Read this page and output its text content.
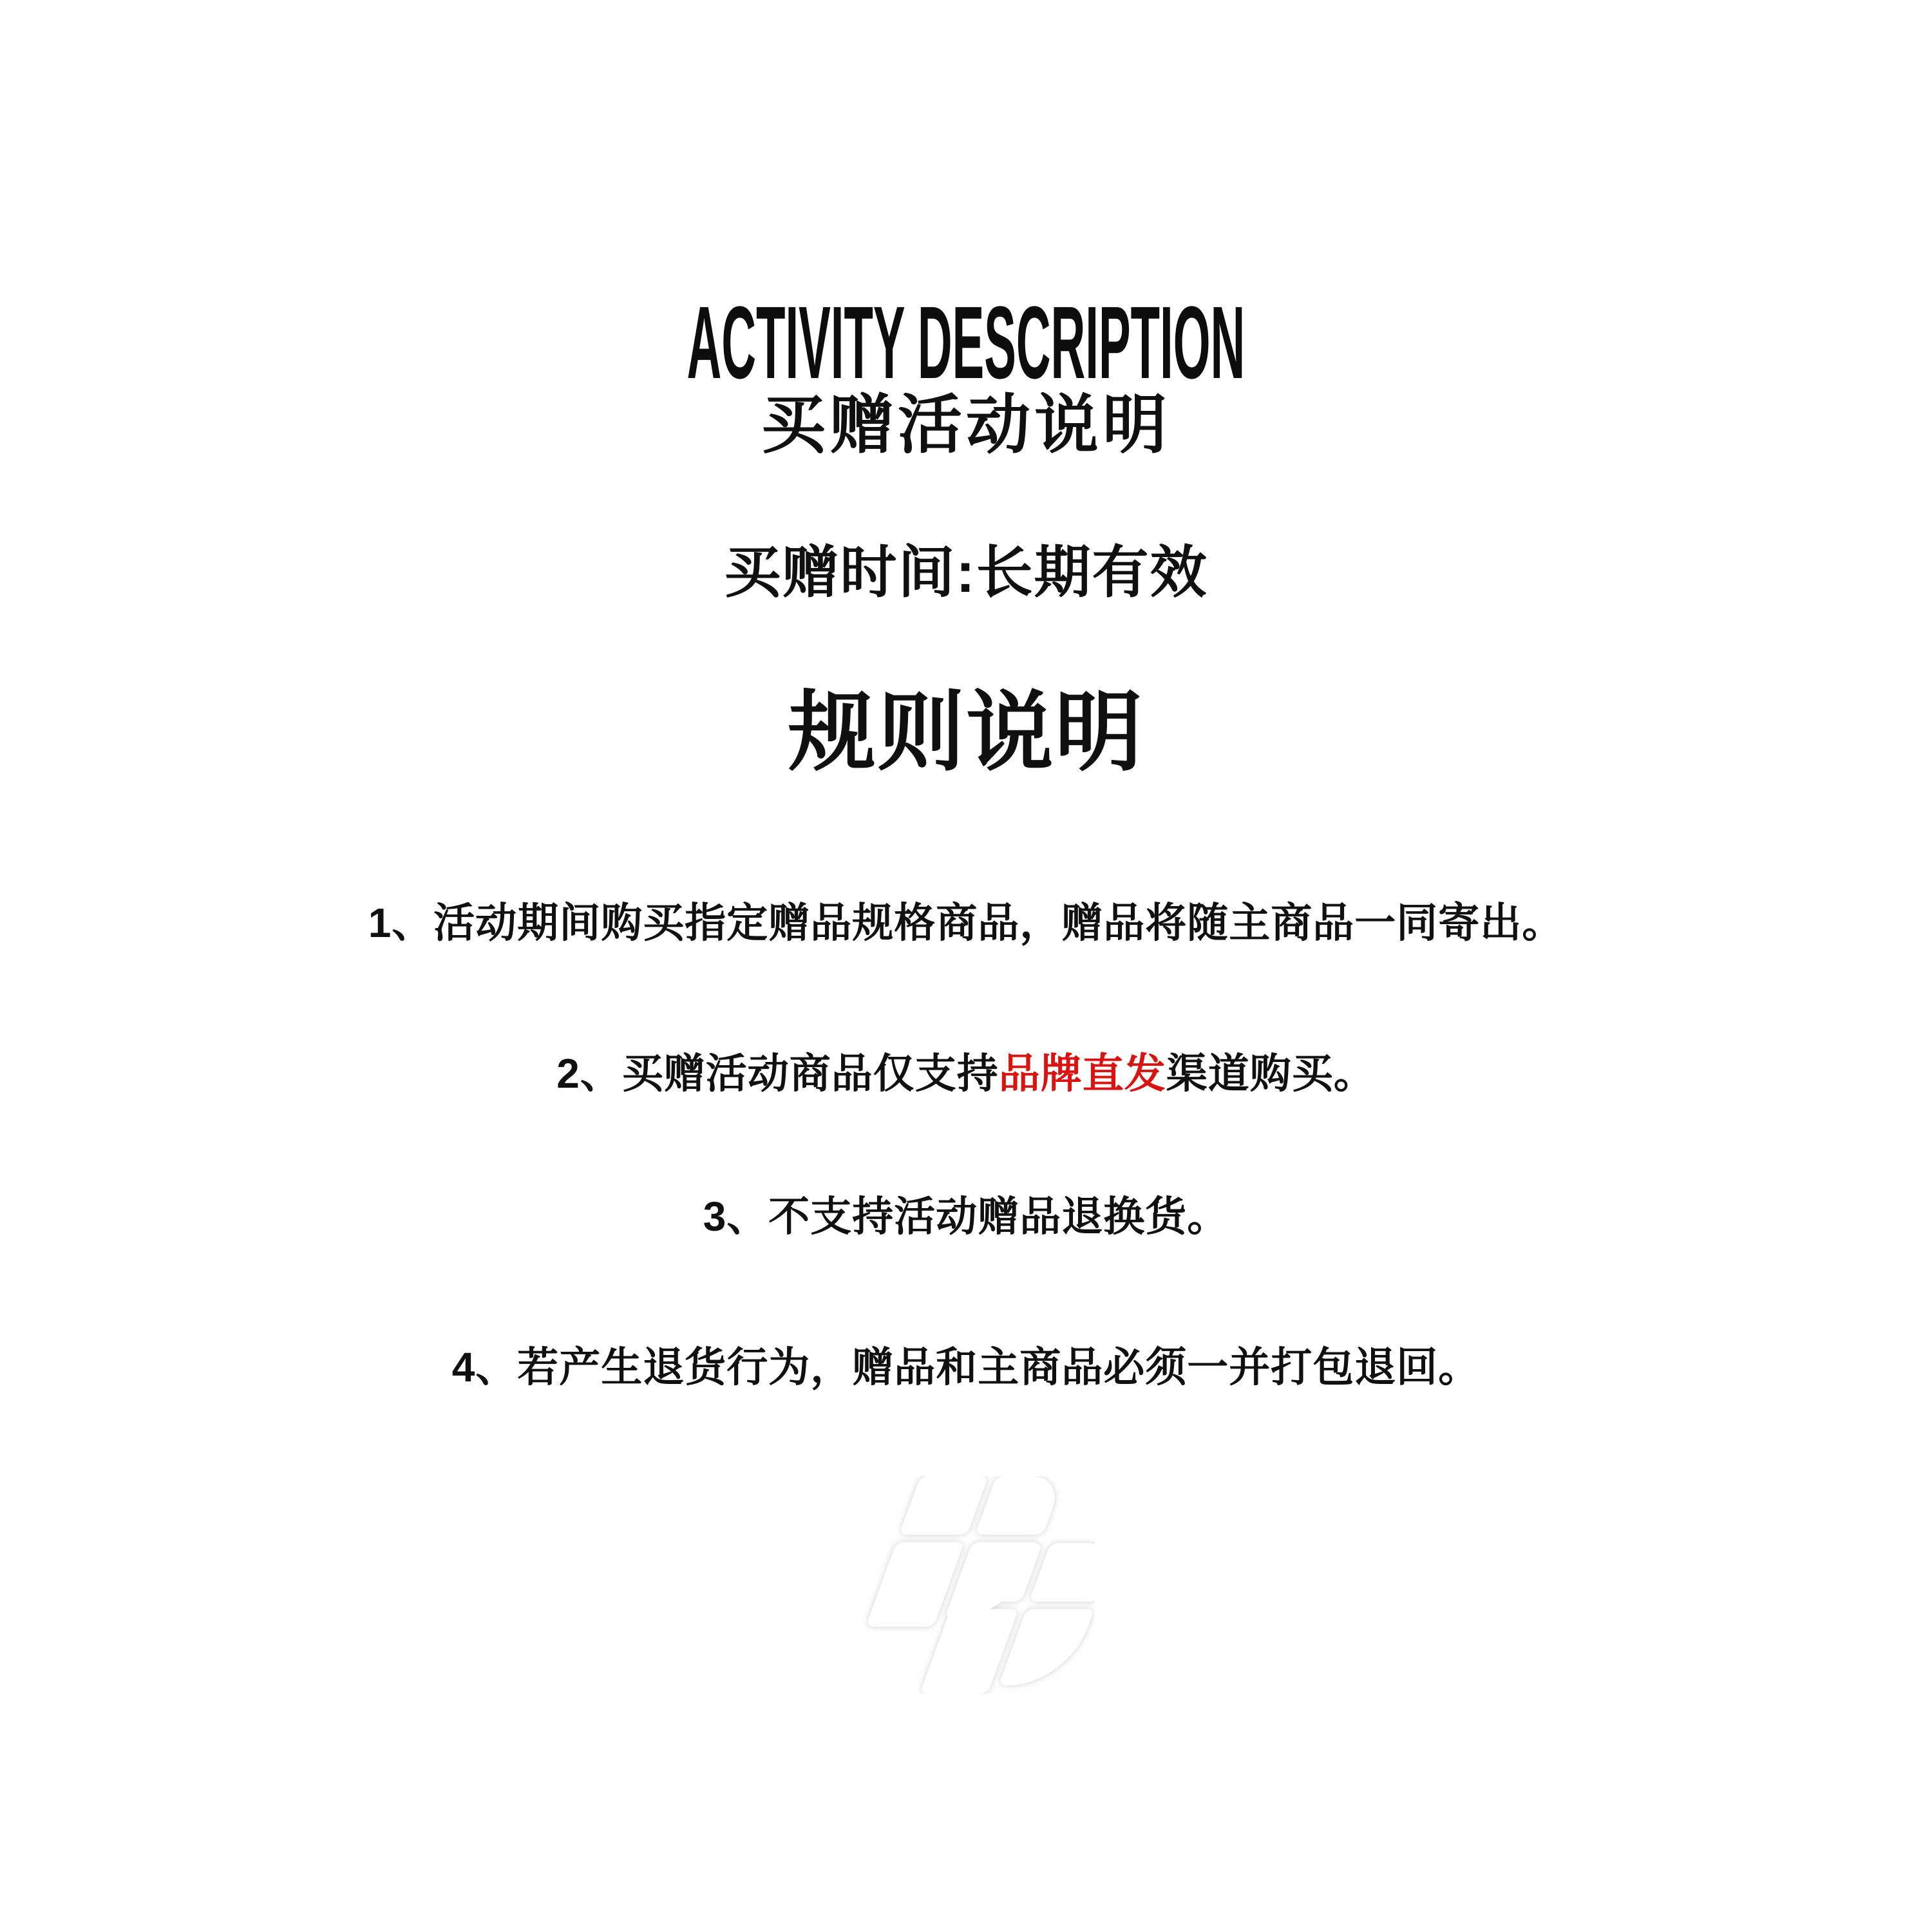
ACTIVITY DESCRIPTION
买赠活动说明
买赠时间:长期有效
规则说明

1、活动期间购买指定赠品规格商品，赠品将随主商品一同寄出。

2、买赠活动商品仅支持品牌直发渠道购买。

3、不支持活动赠品退换货。

4、若产生退货行为，赠品和主商品必须一并打包退回。
